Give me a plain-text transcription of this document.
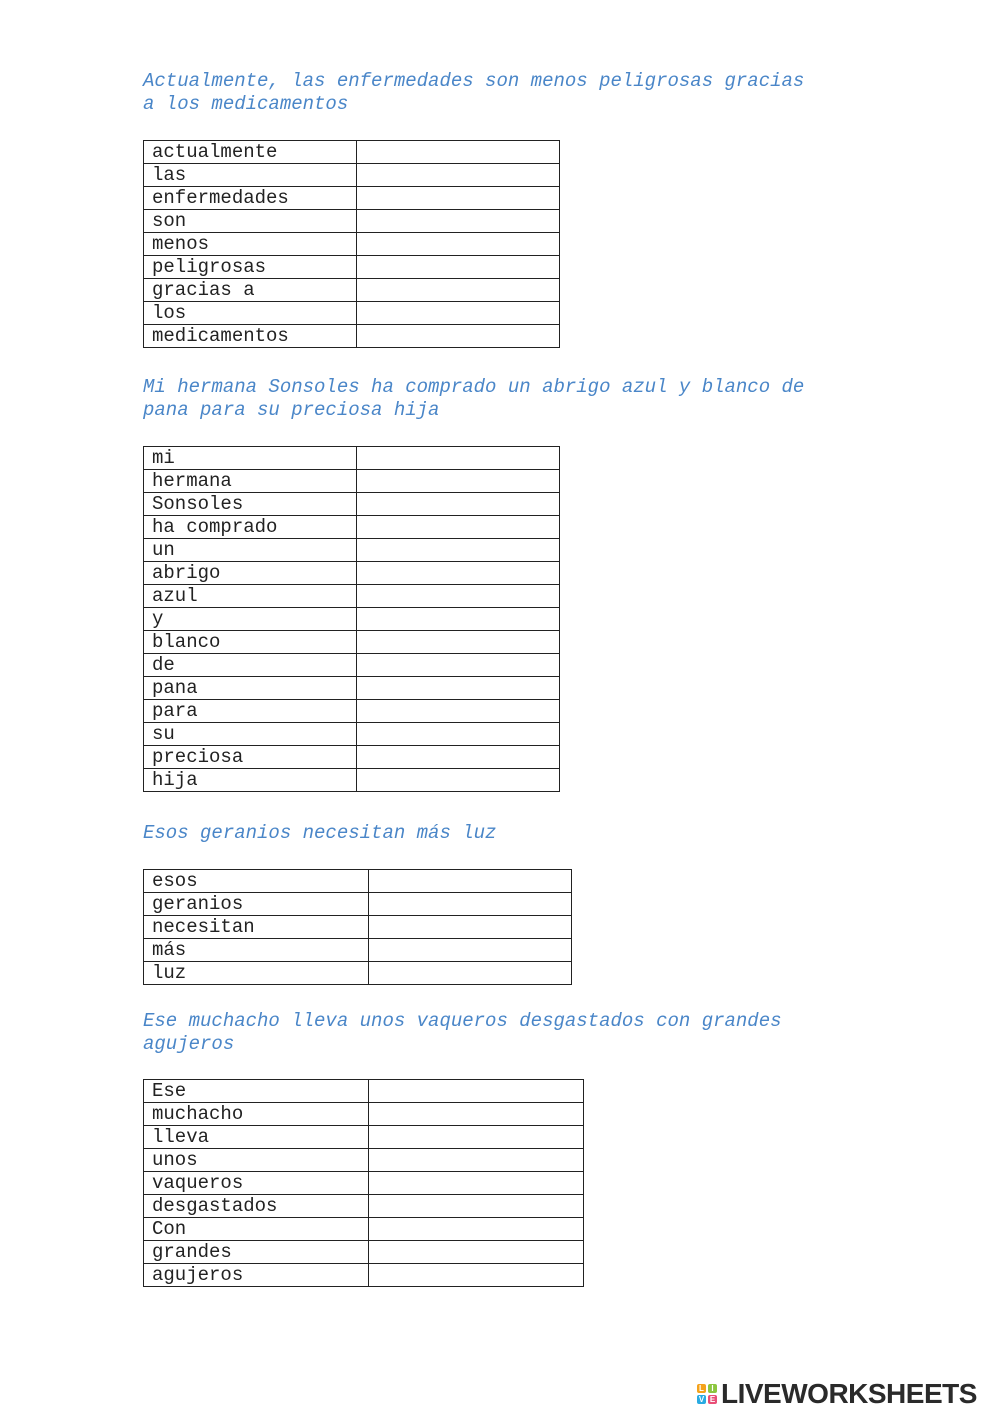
Actualmente, las enfermedades son menos peligrosas gracias
a los medicamentos

actualmente	
las	
enfermedades	
son	
menos	
peligrosas	
gracias a	
los	
medicamentos	

Mi hermana Sonsoles ha comprado un abrigo azul y blanco de
pana para su preciosa hija

mi	
hermana	
Sonsoles	
ha comprado	
un	
abrigo	
azul	
y	
blanco	
de	
pana	
para	
su	
preciosa	
hija	

Esos geranios necesitan más luz

esos	
geranios	
necesitan	
más	
luz	

Ese muchacho lleva unos vaqueros desgastados con grandes
agujeros

Ese	
muchacho	
lleva	
unos	
vaqueros	
desgastados	
Con	
grandes	
agujeros	
L I
V E LIVEWORKSHEETS
